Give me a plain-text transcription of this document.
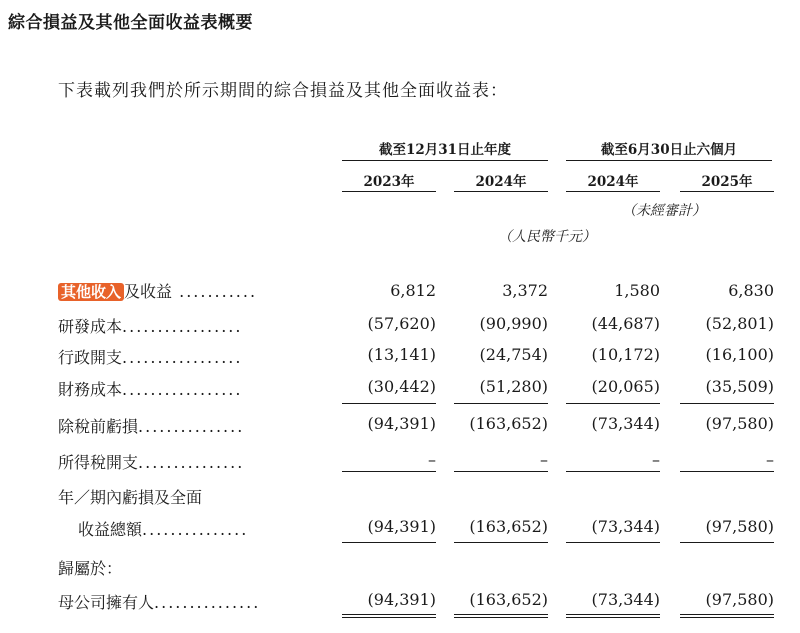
綜合損益及其他全面收益表概要
下表載列我們於所示期間的綜合損益及其他全面收益表：
截至12月31日止年度	截至6月30日止六個月
2023年	2024年	2024年	2025年
（未經審計）
（人民幣千元）
其他收入 及收益 ...........	6,812	3,372	1,580	6,830
研發成本.................	(57,620)	(90,990)	(44,687)	(52,801)
行政開支.................	(13,141)	(24,754)	(10,172)	(16,100)
財務成本.................	(30,442)	(51,280)	(20,065)	(35,509)
除稅前虧損...............	(94,391)	(163,652)	(73,344)	(97,580)
所得稅開支...............	–	–	–	–
年／期內虧損及全面
收益總額...............	(94,391)	(163,652)	(73,344)	(97,580)
歸屬於：
母公司擁有人...............	(94,391)	(163,652)	(73,344)	(97,580)
